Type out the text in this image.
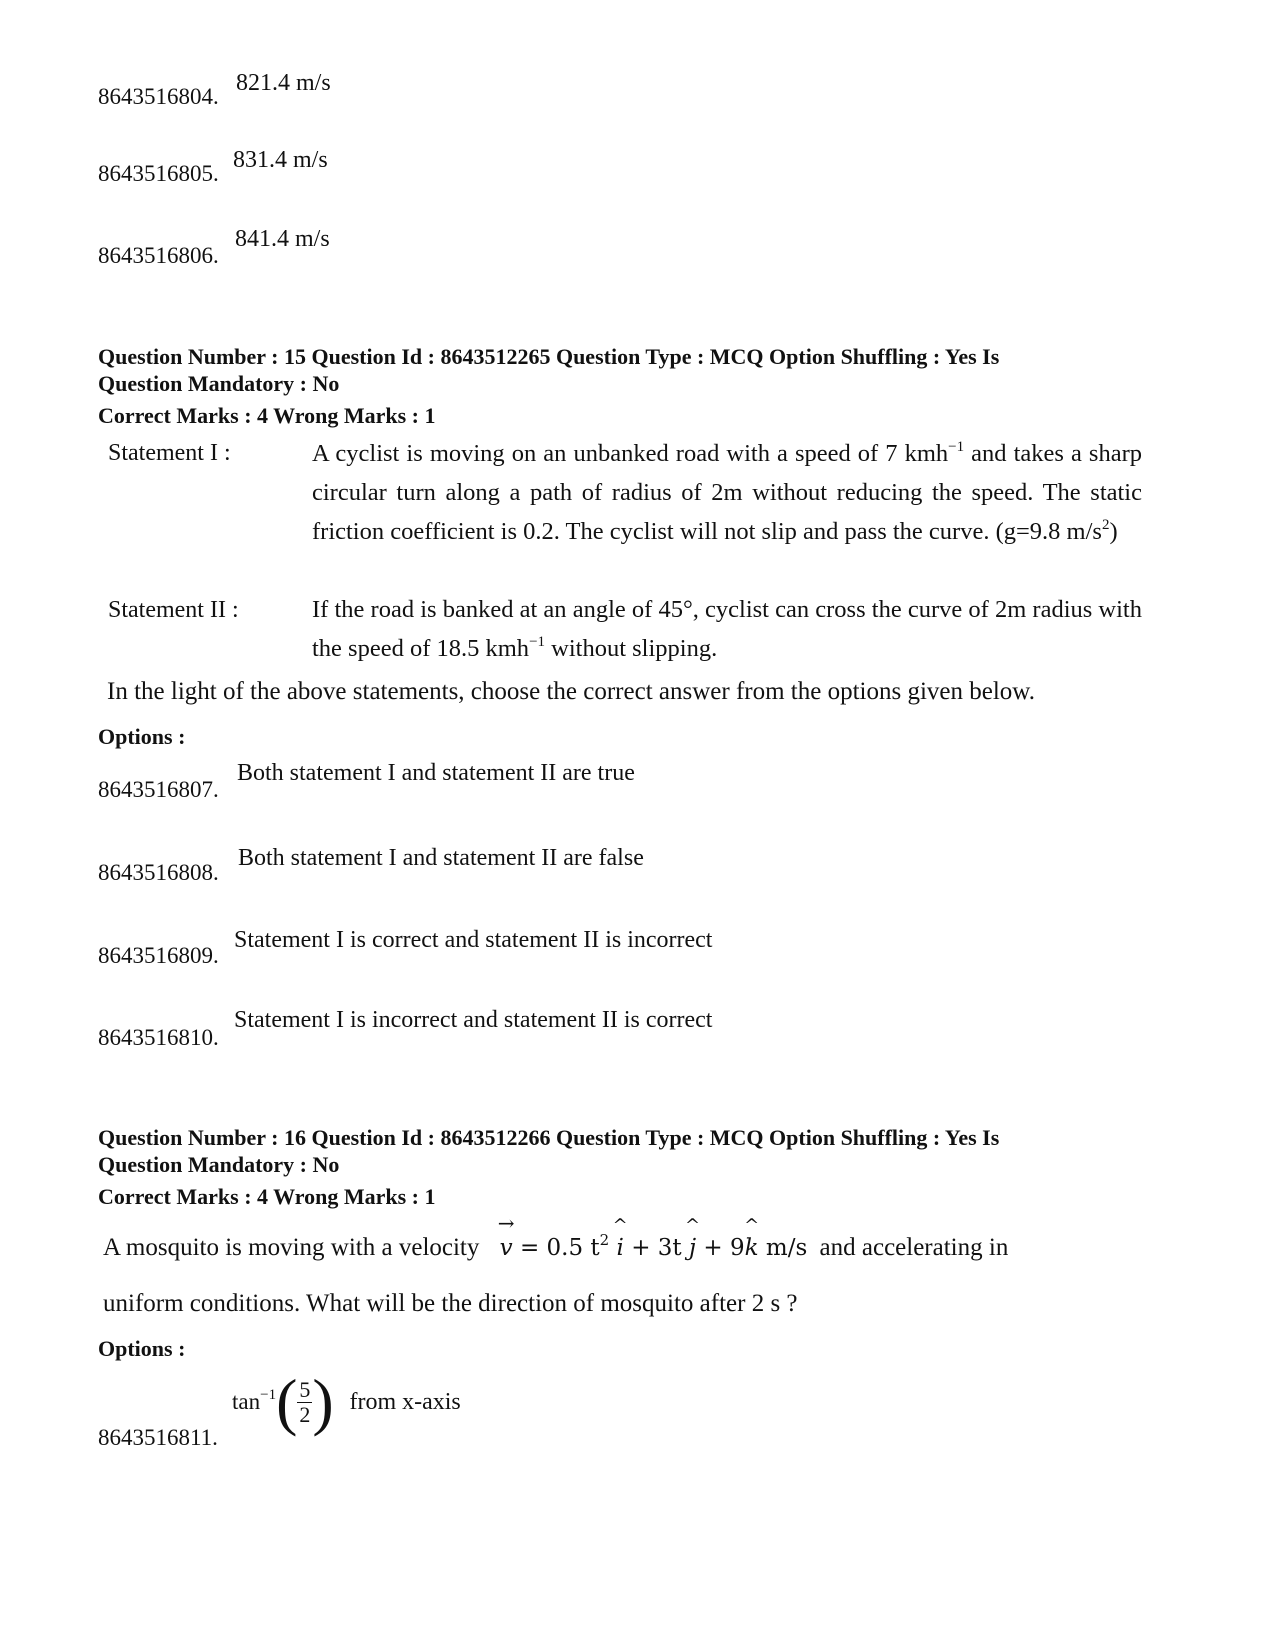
8643516804.
821.4 m/s
8643516805.
831.4 m/s
8643516806.
841.4 m/s
Question Number : 15 Question Id : 8643512265 Question Type : MCQ Option Shuffling : Yes Is
Question Mandatory : No
Correct Marks : 4 Wrong Marks : 1
Statement I :	A cyclist is moving on an unbanked road with a speed of 7 kmh$^{-1}$ and takes a sharp circular turn along a path of radius of 2m without reducing the speed. The static friction coefficient is 0.2. The cyclist will not slip and pass the curve. (g=9.8 $m/s^2$)
Statement II :	If the road is banked at an angle of 45°, cyclist can cross the curve of 2m radius with the speed of 18.5 kmh$^{-1}$ without slipping.
In the light of the above statements, choose the correct answer from the options given below.
Options :
8643516807.
Both statement I and statement II are true
8643516808.
Both statement I and statement II are false
8643516809.
Statement I is correct and statement II is incorrect
8643516810.
Statement I is incorrect and statement II is correct
Question Number : 16 Question Id : 8643512266 Question Type : MCQ Option Shuffling : Yes Is
Question Mandatory : No
Correct Marks : 4 Wrong Marks : 1
A mosquito is moving with a velocity → v = 0.5 $t^2$ ^ i + 3t ^ j + 9^ k m/s and accelerating in
uniform conditions. What will be the direction of mosquito after 2 s ?
Options :
8643516811.
$\tan^{-1}( \frac{5}{2}$ ) from x-axis
